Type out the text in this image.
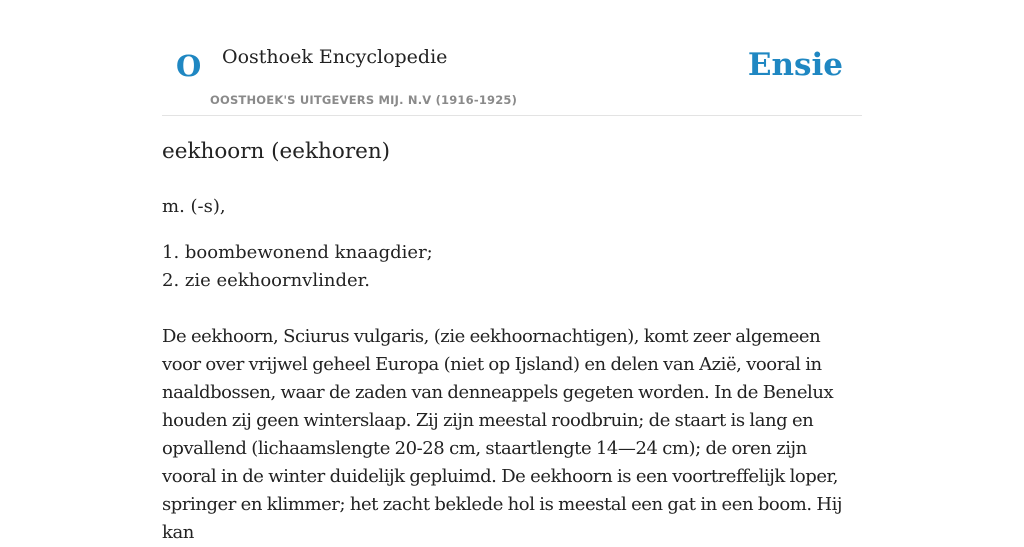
O Oosthoek Encyclopedie
OOSTHOEK'S UITGEVERS MIJ. N.V (1916-1925)
Ensie
eekhoorn (eekhoren)

m. (-s),

1. boombewonend knaagdier;
2. zie eekhoornvlinder.

De eekhoorn, Sciurus vulgaris, (zie eekhoornachtigen), komt zeer algemeen voor over vrijwel geheel Europa (niet op Ijsland) en delen van Azië, vooral in naaldbossen, waar de zaden van denneappels gegeten worden. In de Benelux houden zij geen winterslaap. Zij zijn meestal roodbruin; de staart is lang en opvallend (lichaamslengte 20-28 cm, staartlengte 14—24 cm); de oren zijn vooral in de winter duidelijk gepluimd. De eekhoorn is een voortreffelijk loper, springer en klimmer; het zacht beklede hol is meestal een gat in een boom. Hij kan
